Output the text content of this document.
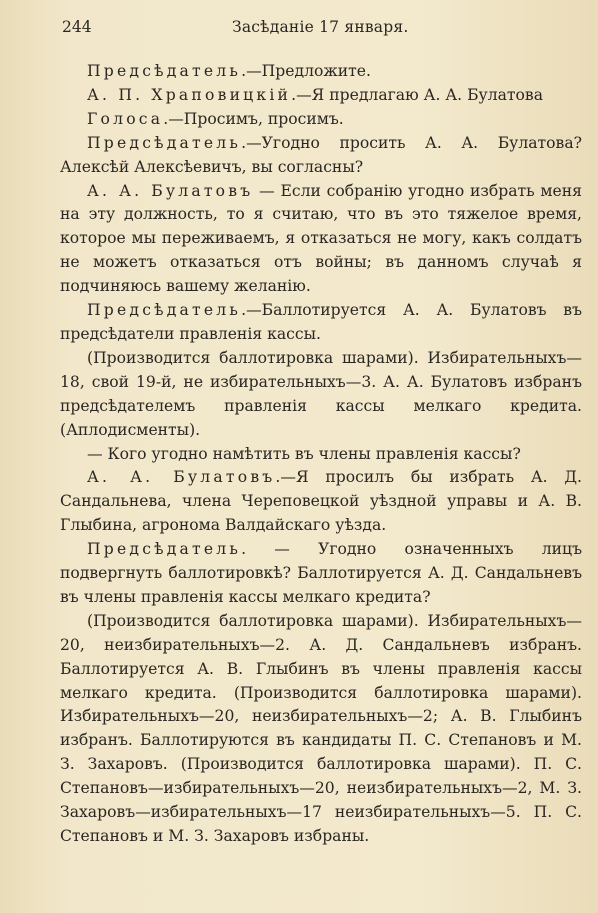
244	Засѣданіе 17 января.

Предсѣдатель.—Предложите.

А. П. Храповицкій.—Я предлагаю А. А. Булатова

Голоса.—Просимъ, просимъ.

Предсѣдатель.—Угодно просить А. А. Булатова? Алексѣй Алексѣевичъ, вы согласны?

А. А. Булатовъ — Если собранію угодно избрать меня на эту должность, то я считаю, что въ это тяжелое время, которое мы переживаемъ, я отказаться не могу, какъ солдатъ не можетъ отказаться отъ войны; въ данномъ случаѣ я подчиняюсь вашему желанію.

Предсѣдатель.—Баллотируется А. А. Булатовъ въ предсѣдатели правленія кассы.

(Производится баллотировка шарами). Избирательныхъ—18, свой 19-й, не избирательныхъ—3. А. А. Булатовъ избранъ предсѣдателемъ правленія кассы мелкаго кредита. (Аплодисменты).

— Кого угодно намѣтить въ члены правленія кассы?

А. А. Булатовъ.—Я просилъ бы избрать А. Д. Сандальнева, члена Череповецкой уѣздной управы и А. В. Глыбина, агронома Валдайскаго уѣзда.

Предсѣдатель. — Угодно означенныхъ лицъ подвергнуть баллотировкѣ? Баллотируется А. Д. Сандальневъ въ члены правленія кассы мелкаго кредита?

(Производится баллотировка шарами). Избирательныхъ— 20, неизбирательныхъ—2. А. Д. Сандальневъ избранъ. Баллотируется А. В. Глыбинъ въ члены правленія кассы мелкаго кредита. (Производится баллотировка шарами). Избирательныхъ—20, неизбирательныхъ—2; А. В. Глыбинъ избранъ. Баллотируются въ кандидаты П. С. Степановъ и М. З. Захаровъ. (Производится баллотировка шарами). П. С. Степановъ—избирательныхъ—20, неизбирательныхъ—2, М. З. Захаровъ—избирательныхъ—17 неизбирательныхъ—5. П. С. Степановъ и М. З. Захаровъ избраны.
